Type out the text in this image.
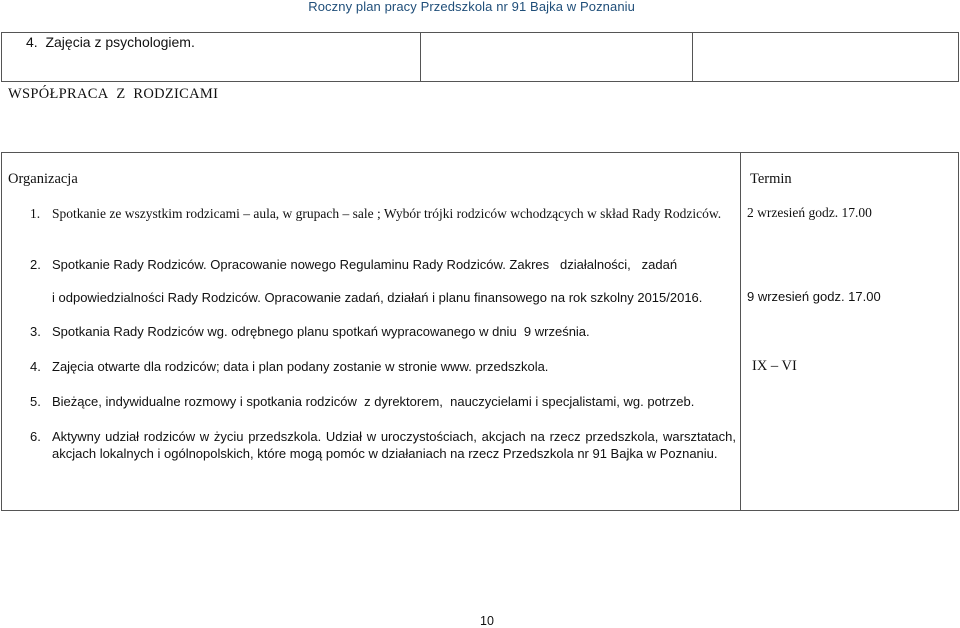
Roczny plan pracy Przedszkola nr 91 Bajka w Poznaniu
4.  Zajęcia z psychologiem.
WSPÓŁPRACA  Z  RODZICAMI
Organizacja	Termin
1. Spotkanie ze wszystkim rodzicami – aula, w grupach – sale ; Wybór trójki rodziców wchodzących w skład Rady Rodziców.	2 wrzesień godz. 17.00
2. Spotkanie Rady Rodziców. Opracowanie nowego Regulaminu Rady Rodziców. Zakres   działalności,   zadań
i odpowiedzialności Rady Rodziców. Opracowanie zadań, działań i planu finansowego na rok szkolny 2015/2016.	9 wrzesień godz. 17.00
3. Spotkania Rady Rodziców wg. odrębnego planu spotkań wypracowanego w dniu  9 września.
4. Zajęcia otwarte dla rodziców; data i plan podany zostanie w stronie www. przedszkola.	IX – VI
5. Bieżące, indywidualne rozmowy i spotkania rodziców  z dyrektorem,  nauczycielami i specjalistami, wg. potrzeb.
6. Aktywny udział rodziców w życiu przedszkola. Udział w uroczystościach, akcjach na rzecz przedszkola, warsztatach, akcjach lokalnych i ogólnopolskich, które mogą pomóc w działaniach na rzecz Przedszkola nr 91 Bajka w Poznaniu.
10
